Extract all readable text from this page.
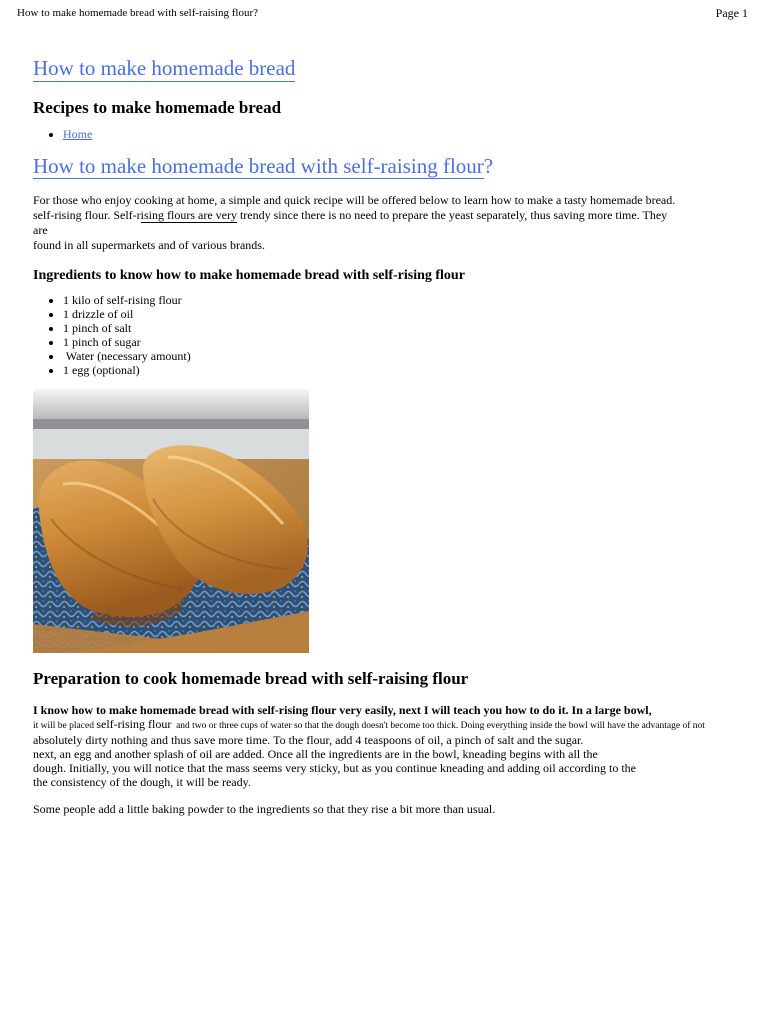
How to make homemade bread with self-raising flour?	Page 1
How to make homemade bread
Recipes to make homemade bread
• Home
How to make homemade bread with self-raising flour?

For those who enjoy cooking at home, a simple and quick recipe will be offered below to learn how to make a tasty homemade bread.
self-rising flour. Self-rising flours are very trendy since there is no need to prepare the yeast separately, thus saving more time. They are
found in all supermarkets and of various brands.

Ingredients to know how to make homemade bread with self-rising flour
• 1 kilo of self-rising flour
• 1 drizzle of oil
• 1 pinch of salt
• 1 pinch of sugar
•  Water (necessary amount)
• 1 egg (optional)
Preparation to cook homemade bread with self-raising flour

I know how to make homemade bread with self-rising flour very easily, next I will teach you how to do it. In a large bowl,
it will be placed self-rising flour  and two or three cups of water so that the dough doesn't become too thick. Doing everything inside the bowl will have the advantage of not
absolutely dirty nothing and thus save more time. To the flour, add 4 teaspoons of oil, a pinch of salt and the sugar.
next, an egg and another splash of oil are added. Once all the ingredients are in the bowl, kneading begins with all the
dough. Initially, you will notice that the mass seems very sticky, but as you continue kneading and adding oil according to the
the consistency of the dough, it will be ready.

Some people add a little baking powder to the ingredients so that they rise a bit more than usual.
